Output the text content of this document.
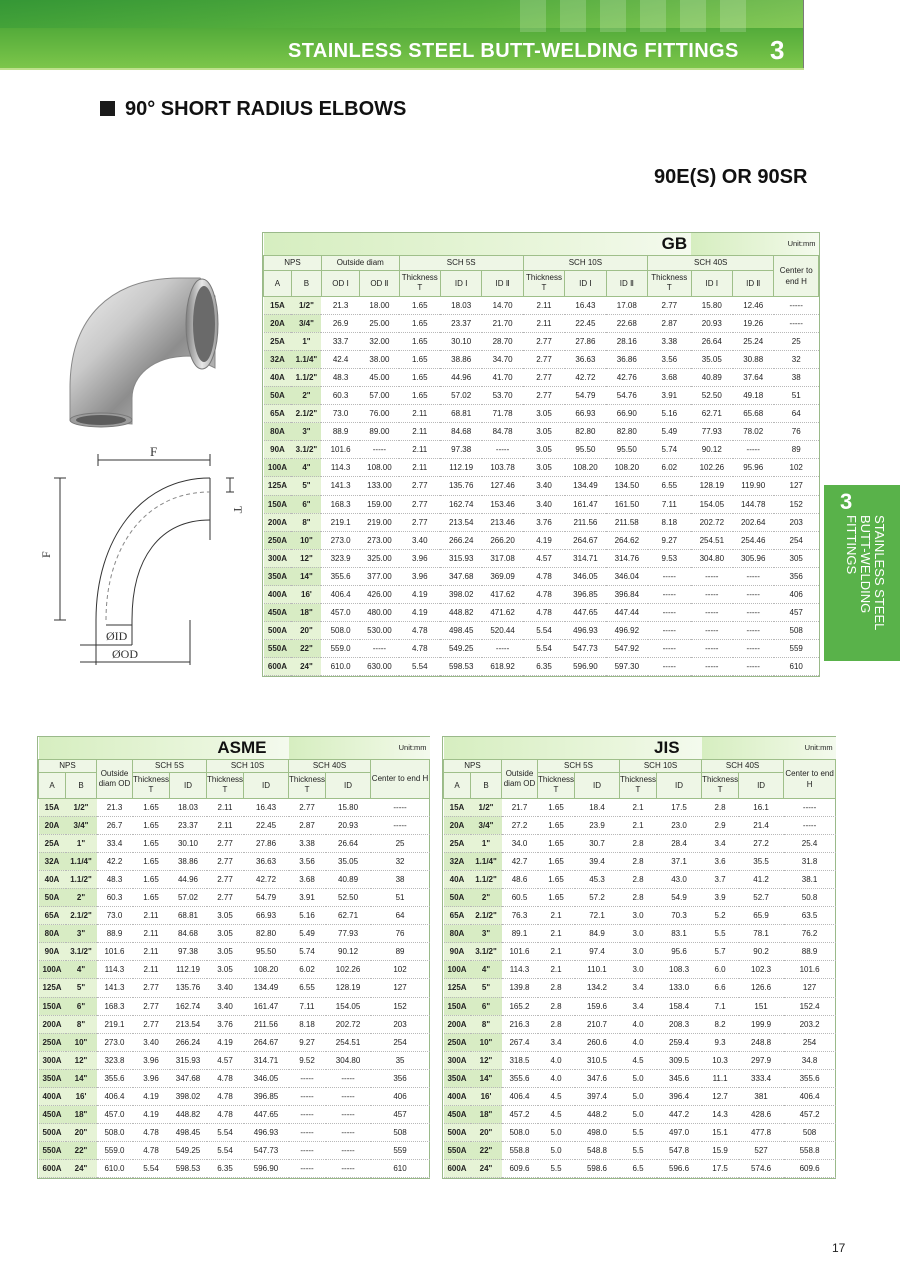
STAINLESS STEEL BUTT-WELDING FITTINGS 3
90° SHORT RADIUS ELBOWS
90E(S) OR 90SR
3
STAINLESS STEEL
BUTT-WELDING
FITTINGS
F
T
F
ØID
ØOD
GB											Unit:mm		
NPS		Outside diam		SCH 5S			SCH 10S			SCH 40S			Center to end H
A	B	OD Ⅰ	OD Ⅱ	Thickness T	ID Ⅰ	ID Ⅱ	Thickness T	ID Ⅰ	ID Ⅱ	Thickness T	ID Ⅰ	ID Ⅱ	
15A	1/2"	21.3	18.00	1.65	18.03	14.70	2.11	16.43	17.08	2.77	15.80	12.46	-----
20A	3/4"	26.9	25.00	1.65	23.37	21.70	2.11	22.45	22.68	2.87	20.93	19.26	-----
25A	1"	33.7	32.00	1.65	30.10	28.70	2.77	27.86	28.16	3.38	26.64	25.24	25
32A	1.1/4"	42.4	38.00	1.65	38.86	34.70	2.77	36.63	36.86	3.56	35.05	30.88	32
40A	1.1/2"	48.3	45.00	1.65	44.96	41.70	2.77	42.72	42.76	3.68	40.89	37.64	38
50A	2"	60.3	57.00	1.65	57.02	53.70	2.77	54.79	54.76	3.91	52.50	49.18	51
65A	2.1/2"	73.0	76.00	2.11	68.81	71.78	3.05	66.93	66.90	5.16	62.71	65.68	64
80A	3"	88.9	89.00	2.11	84.68	84.78	3.05	82.80	82.80	5.49	77.93	78.02	76
90A	3.1/2"	101.6	-----	2.11	97.38	-----	3.05	95.50	95.50	5.74	90.12	-----	89
100A	4"	114.3	108.00	2.11	112.19	103.78	3.05	108.20	108.20	6.02	102.26	95.96	102
125A	5"	141.3	133.00	2.77	135.76	127.46	3.40	134.49	134.50	6.55	128.19	119.90	127
150A	6"	168.3	159.00	2.77	162.74	153.46	3.40	161.47	161.50	7.11	154.05	144.78	152
200A	8"	219.1	219.00	2.77	213.54	213.46	3.76	211.56	211.58	8.18	202.72	202.64	203
250A	10"	273.0	273.00	3.40	266.24	266.20	4.19	264.67	264.62	9.27	254.51	254.46	254
300A	12"	323.9	325.00	3.96	315.93	317.08	4.57	314.71	314.76	9.53	304.80	305.96	305
350A	14"	355.6	377.00	3.96	347.68	369.09	4.78	346.05	346.04	-----	-----	-----	356
400A	16'	406.4	426.00	4.19	398.02	417.62	4.78	396.85	396.84	-----	-----	-----	406
450A	18"	457.0	480.00	4.19	448.82	471.62	4.78	447.65	447.44	-----	-----	-----	457
500A	20"	508.0	530.00	4.78	498.45	520.44	5.54	496.93	496.92	-----	-----	-----	508
550A	22"	559.0	-----	4.78	549.25	-----	5.54	547.73	547.92	-----	-----	-----	559
600A	24"	610.0	630.00	5.54	598.53	618.92	6.35	596.90	597.30	-----	-----	-----	610
ASME							Unit:mm		
NPS		Outside diam OD	SCH 5S		SCH 10S		SCH 40S		Center to end H
A	B		Thickness T	ID	Thickness T	ID	Thickness T	ID	
15A	1/2"	21.3	1.65	18.03	2.11	16.43	2.77	15.80	-----
20A	3/4"	26.7	1.65	23.37	2.11	22.45	2.87	20.93	-----
25A	1"	33.4	1.65	30.10	2.77	27.86	3.38	26.64	25
32A	1.1/4"	42.2	1.65	38.86	2.77	36.63	3.56	35.05	32
40A	1.1/2"	48.3	1.65	44.96	2.77	42.72	3.68	40.89	38
50A	2"	60.3	1.65	57.02	2.77	54.79	3.91	52.50	51
65A	2.1/2"	73.0	2.11	68.81	3.05	66.93	5.16	62.71	64
80A	3"	88.9	2.11	84.68	3.05	82.80	5.49	77.93	76
90A	3.1/2"	101.6	2.11	97.38	3.05	95.50	5.74	90.12	89
100A	4"	114.3	2.11	112.19	3.05	108.20	6.02	102.26	102
125A	5"	141.3	2.77	135.76	3.40	134.49	6.55	128.19	127
150A	6"	168.3	2.77	162.74	3.40	161.47	7.11	154.05	152
200A	8"	219.1	2.77	213.54	3.76	211.56	8.18	202.72	203
250A	10"	273.0	3.40	266.24	4.19	264.67	9.27	254.51	254
300A	12"	323.8	3.96	315.93	4.57	314.71	9.52	304.80	35
350A	14"	355.6	3.96	347.68	4.78	346.05	-----	-----	356
400A	16'	406.4	4.19	398.02	4.78	396.85	-----	-----	406
450A	18"	457.0	4.19	448.82	4.78	447.65	-----	-----	457
500A	20"	508.0	4.78	498.45	5.54	496.93	-----	-----	508
550A	22"	559.0	4.78	549.25	5.54	547.73	-----	-----	559
600A	24"	610.0	5.54	598.53	6.35	596.90	-----	-----	610
JIS							Unit:mm		
NPS		Outside diam OD	SCH 5S		SCH 10S		SCH 40S		Center to end H
A	B		Thickness T	ID	Thickness T	ID	Thickness T	ID	
15A	1/2"	21.7	1.65	18.4	2.1	17.5	2.8	16.1	-----
20A	3/4"	27.2	1.65	23.9	2.1	23.0	2.9	21.4	-----
25A	1"	34.0	1.65	30.7	2.8	28.4	3.4	27.2	25.4
32A	1.1/4"	42.7	1.65	39.4	2.8	37.1	3.6	35.5	31.8
40A	1.1/2"	48.6	1.65	45.3	2.8	43.0	3.7	41.2	38.1
50A	2"	60.5	1.65	57.2	2.8	54.9	3.9	52.7	50.8
65A	2.1/2"	76.3	2.1	72.1	3.0	70.3	5.2	65.9	63.5
80A	3"	89.1	2.1	84.9	3.0	83.1	5.5	78.1	76.2
90A	3.1/2"	101.6	2.1	97.4	3.0	95.6	5.7	90.2	88.9
100A	4"	114.3	2.1	110.1	3.0	108.3	6.0	102.3	101.6
125A	5"	139.8	2.8	134.2	3.4	133.0	6.6	126.6	127
150A	6"	165.2	2.8	159.6	3.4	158.4	7.1	151	152.4
200A	8"	216.3	2.8	210.7	4.0	208.3	8.2	199.9	203.2
250A	10"	267.4	3.4	260.6	4.0	259.4	9.3	248.8	254
300A	12"	318.5	4.0	310.5	4.5	309.5	10.3	297.9	34.8
350A	14"	355.6	4.0	347.6	5.0	345.6	11.1	333.4	355.6
400A	16'	406.4	4.5	397.4	5.0	396.4	12.7	381	406.4
450A	18"	457.2	4.5	448.2	5.0	447.2	14.3	428.6	457.2
500A	20"	508.0	5.0	498.0	5.5	497.0	15.1	477.8	508
550A	22"	558.8	5.0	548.8	5.5	547.8	15.9	527	558.8
600A	24"	609.6	5.5	598.6	6.5	596.6	17.5	574.6	609.6
17
